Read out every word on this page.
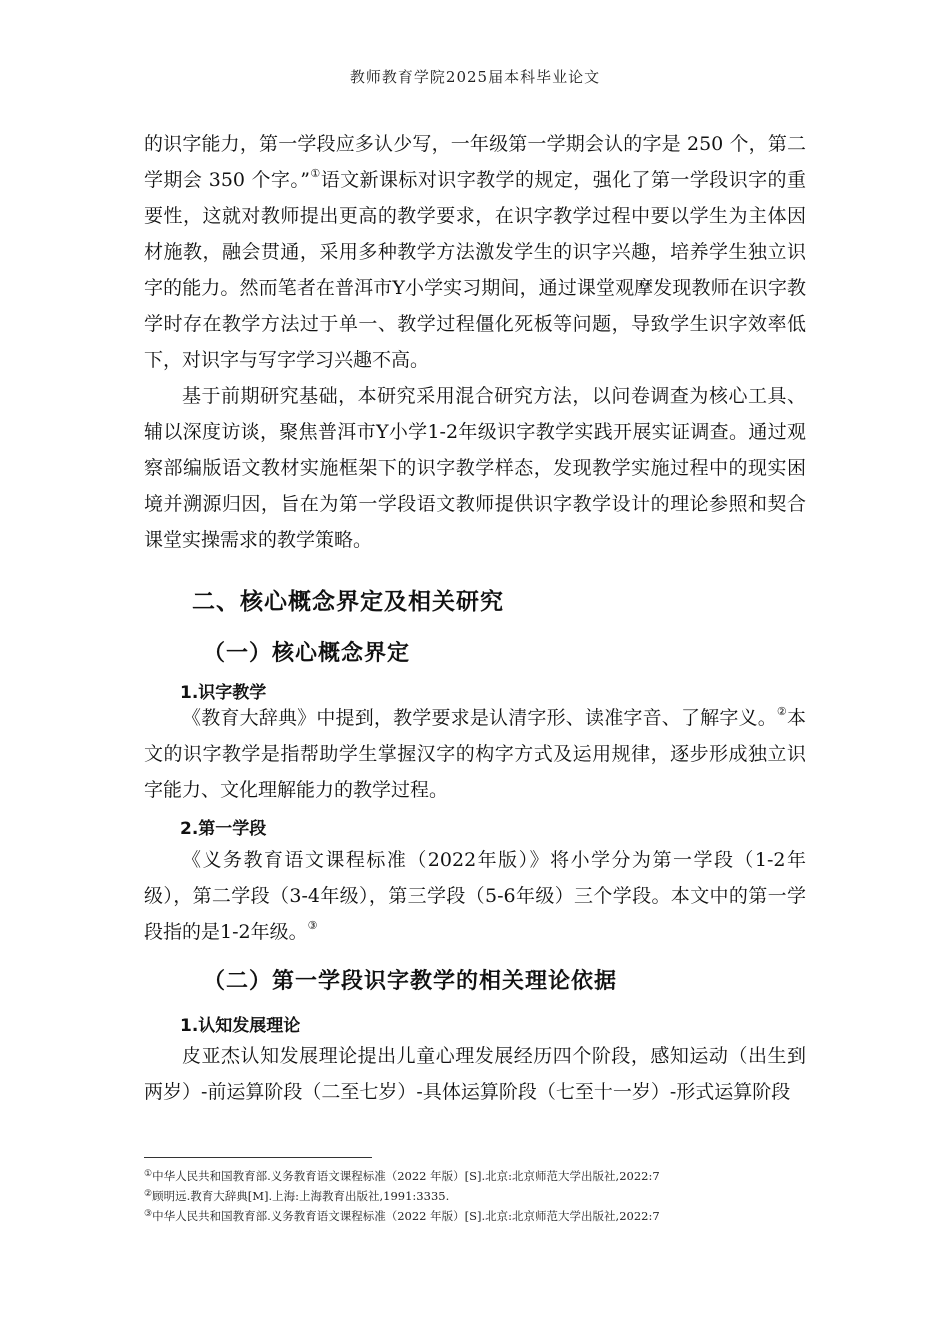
教师教育学院2025届本科毕业论文
的识字能力，第一学段应多认少写，一年级第一学期会认的字是 250 个，第二学期会 350 个字。”①语文新课标对识字教学的规定，强化了第一学段识字的重要性，这就对教师提出更高的教学要求，在识字教学过程中要以学生为主体因材施教，融会贯通，采用多种教学方法激发学生的识字兴趣，培养学生独立识字的能力。然而笔者在普洱市Y小学实习期间，通过课堂观摩发现教师在识字教学时存在教学方法过于单一、教学过程僵化死板等问题，导致学生识字效率低下，对识字与写字学习兴趣不高。
基于前期研究基础，本研究采用混合研究方法，以问卷调查为核心工具、辅以深度访谈，聚焦普洱市Y小学1-2年级识字教学实践开展实证调查。通过观察部编版语文教材实施框架下的识字教学样态，发现教学实施过程中的现实困境并溯源归因，旨在为第一学段语文教师提供识字教学设计的理论参照和契合课堂实操需求的教学策略。
二、核心概念界定及相关研究
（一）核心概念界定
1.识字教学
《教育大辞典》中提到，教学要求是认清字形、读准字音、了解字义。②本文的识字教学是指帮助学生掌握汉字的构字方式及运用规律，逐步形成独立识字能力、文化理解能力的教学过程。
2.第一学段
《义务教育语文课程标准（2022年版）》将小学分为第一学段（1-2年级），第二学段（3-4年级），第三学段（5-6年级）三个学段。本文中的第一学段指的是1-2年级。③
（二）第一学段识字教学的相关理论依据
1.认知发展理论
皮亚杰认知发展理论提出儿童心理发展经历四个阶段，感知运动（出生到两岁）-前运算阶段（二至七岁）-具体运算阶段（七至十一岁）-形式运算阶段
①中华人民共和国教育部.义务教育语文课程标准（2022 年版）[S].北京:北京师范大学出版社,2022:7
②顾明远.教育大辞典[M].上海:上海教育出版社,1991:3335.
③中华人民共和国教育部.义务教育语文课程标准（2022 年版）[S].北京:北京师范大学出版社,2022:7
